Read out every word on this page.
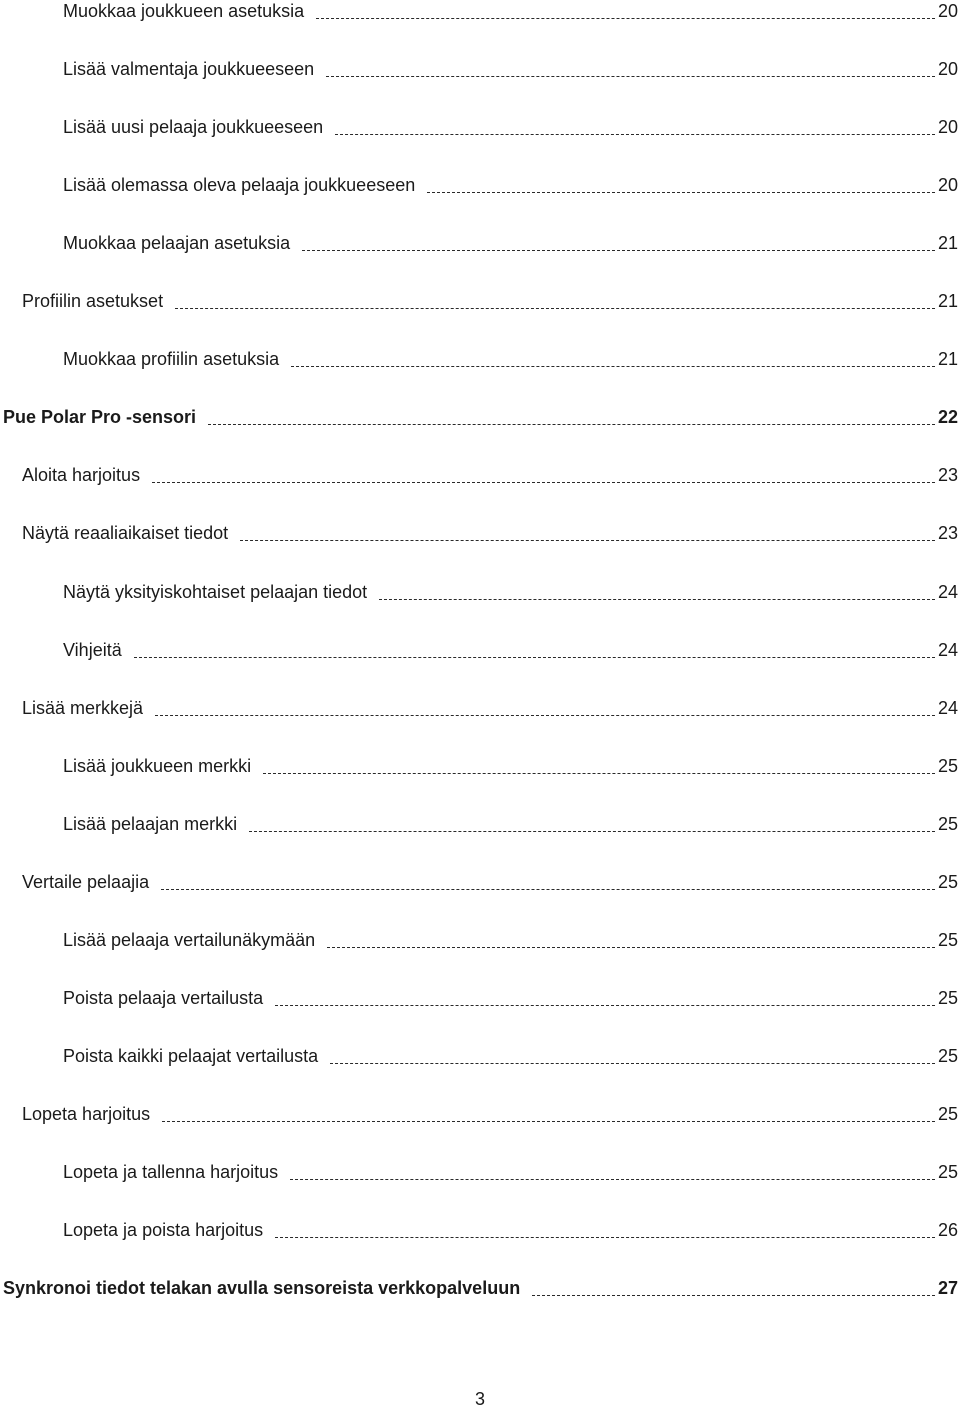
Muokkaa joukkueen asetuksia	20
Lisää valmentaja joukkueeseen	20
Lisää uusi pelaaja joukkueeseen	20
Lisää olemassa oleva pelaaja joukkueeseen	20
Muokkaa pelaajan asetuksia	21
Profiilin asetukset	21
Muokkaa profiilin asetuksia	21
Pue Polar Pro -sensori	22
Aloita harjoitus	23
Näytä reaaliaikaiset tiedot	23
Näytä yksityiskohtaiset pelaajan tiedot	24
Vihjeitä	24
Lisää merkkejä	24
Lisää joukkueen merkki	25
Lisää pelaajan merkki	25
Vertaile pelaajia	25
Lisää pelaaja vertailunäkymään	25
Poista pelaaja vertailusta	25
Poista kaikki pelaajat vertailusta	25
Lopeta harjoitus	25
Lopeta ja tallenna harjoitus	25
Lopeta ja poista harjoitus	26
Synkronoi tiedot telakan avulla sensoreista verkkopalveluun	27
3
